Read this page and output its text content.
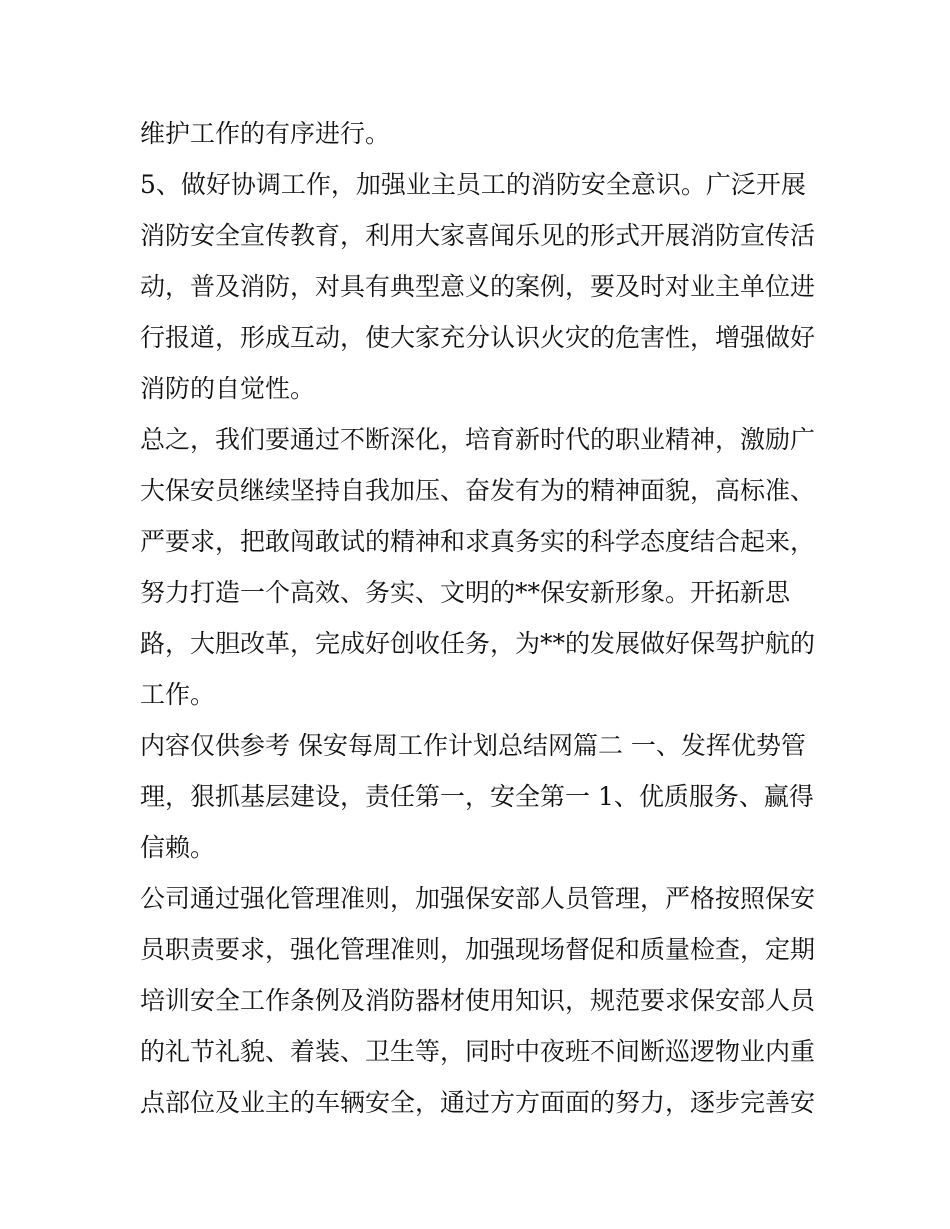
维护工作的有序进行。
5、做好协调工作，加强业主员工的消防安全意识。广泛开展
消防安全宣传教育，利用大家喜闻乐见的形式开展消防宣传活
动，普及消防，对具有典型意义的案例，要及时对业主单位进
行报道，形成互动，使大家充分认识火灾的危害性，增强做好
消防的自觉性。
总之，我们要通过不断深化，培育新时代的职业精神，激励广
大保安员继续坚持自我加压、奋发有为的精神面貌，高标准、
严要求，把敢闯敢试的精神和求真务实的科学态度结合起来，
努力打造一个高效、务实、文明的**保安新形象。开拓新思
路，大胆改革，完成好创收任务，为**的发展做好保驾护航的
工作。
内容仅供参考 保安每周工作计划总结网篇二 一、发挥优势管
理，狠抓基层建设，责任第一，安全第一 1、优质服务、赢得
信赖。
公司通过强化管理准则，加强保安部人员管理，严格按照保安
员职责要求，强化管理准则，加强现场督促和质量检查，定期
培训安全工作条例及消防器材使用知识，规范要求保安部人员
的礼节礼貌、着装、卫生等，同时中夜班不间断巡逻物业内重
点部位及业主的车辆安全，通过方方面面的努力，逐步完善安
